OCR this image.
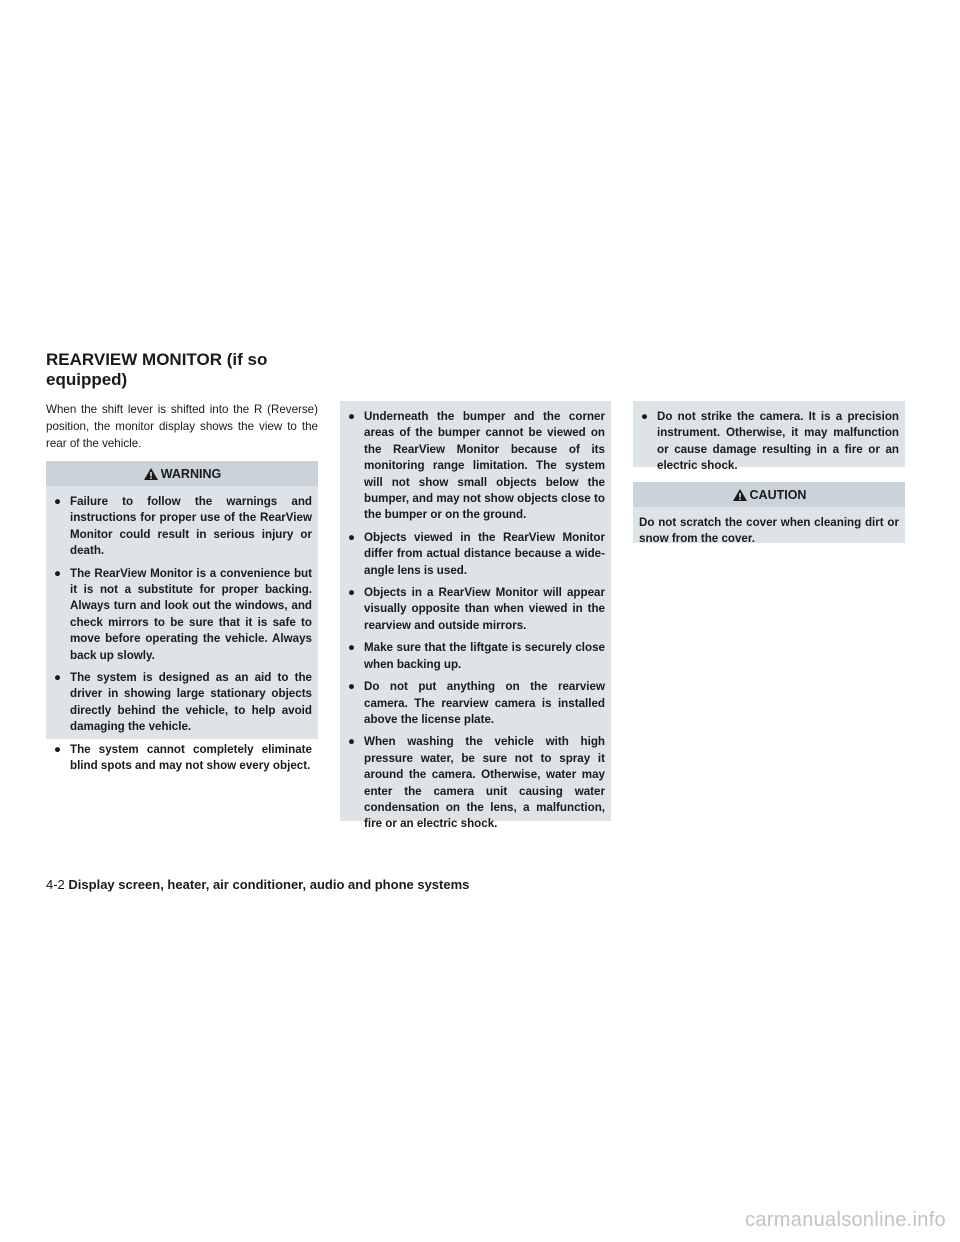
REARVIEW MONITOR (if so equipped)

When the shift lever is shifted into the R (Reverse) position, the monitor display shows the view to the rear of the vehicle.

WARNING
● Failure to follow the warnings and instructions for proper use of the RearView Monitor could result in serious injury or death.
● The RearView Monitor is a convenience but it is not a substitute for proper backing. Always turn and look out the windows, and check mirrors to be sure that it is safe to move before operating the vehicle. Always back up slowly.
● The system is designed as an aid to the driver in showing large stationary objects directly behind the vehicle, to help avoid damaging the vehicle.
● The system cannot completely eliminate blind spots and may not show every object.
● Underneath the bumper and the corner areas of the bumper cannot be viewed on the RearView Monitor because of its monitoring range limitation. The system will not show small objects below the bumper, and may not show objects close to the bumper or on the ground.
● Objects viewed in the RearView Monitor differ from actual distance because a wide-angle lens is used.
● Objects in a RearView Monitor will appear visually opposite than when viewed in the rearview and outside mirrors.
● Make sure that the liftgate is securely close when backing up.
● Do not put anything on the rearview camera. The rearview camera is installed above the license plate.
● When washing the vehicle with high pressure water, be sure not to spray it around the camera. Otherwise, water may enter the camera unit causing water condensation on the lens, a malfunction, fire or an electric shock.
● Do not strike the camera. It is a precision instrument. Otherwise, it may malfunction or cause damage resulting in a fire or an electric shock.
CAUTION

Do not scratch the cover when cleaning dirt or snow from the cover.

4-2 Display screen, heater, air conditioner, audio and phone systems
carmanualsonline.info
